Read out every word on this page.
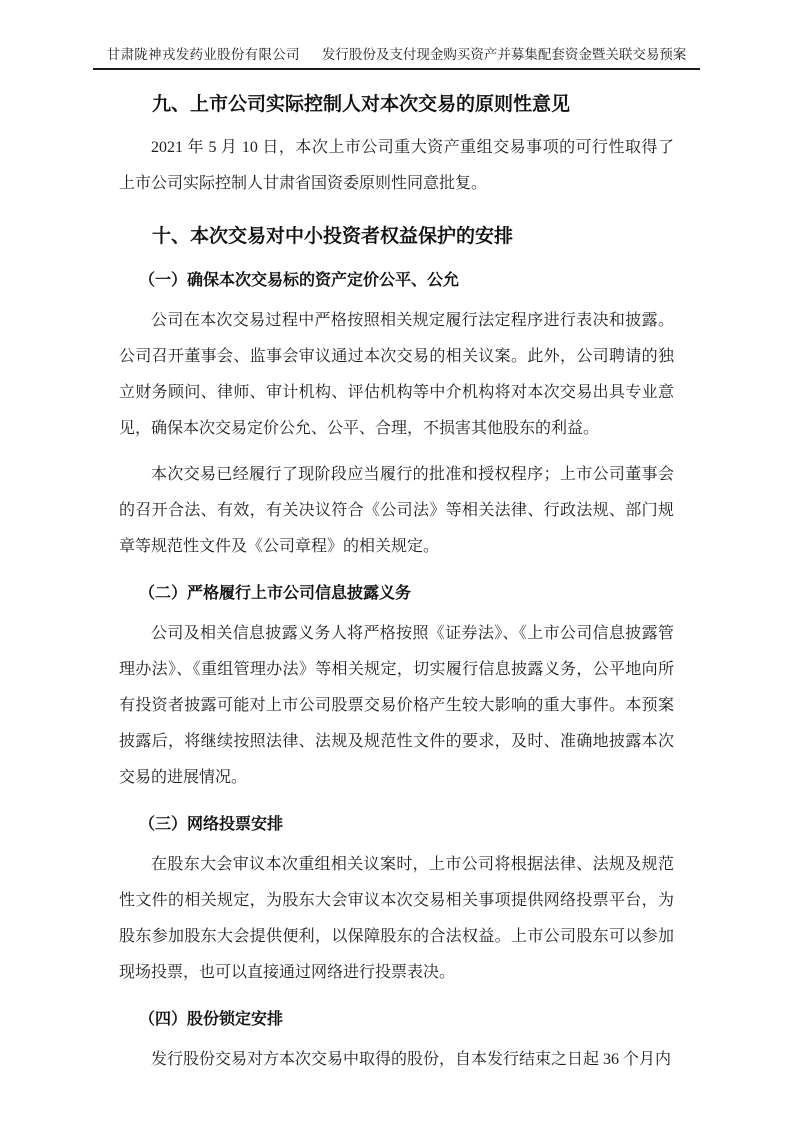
甘肃陇神戎发药业股份有限公司 发行股份及支付现金购买资产并募集配套资金暨关联交易预案
九、上市公司实际控制人对本次交易的原则性意见

2021 年 5 月 10 日，本次上市公司重大资产重组交易事项的可行性取得了上市公司实际控制人甘肃省国资委原则性同意批复。

十、本次交易对中小投资者权益保护的安排
（一）确保本次交易标的资产定价公平、公允

公司在本次交易过程中严格按照相关规定履行法定程序进行表决和披露。公司召开董事会、监事会审议通过本次交易的相关议案。此外，公司聘请的独立财务顾问、律师、审计机构、评估机构等中介机构将对本次交易出具专业意见，确保本次交易定价公允、公平、合理，不损害其他股东的利益。

本次交易已经履行了现阶段应当履行的批准和授权程序；上市公司董事会的召开合法、有效，有关决议符合《公司法》等相关法律、行政法规、部门规章等规范性文件及《公司章程》的相关规定。

（二）严格履行上市公司信息披露义务

公司及相关信息披露义务人将严格按照《证券法》、《上市公司信息披露管理办法》、《重组管理办法》等相关规定，切实履行信息披露义务，公平地向所有投资者披露可能对上市公司股票交易价格产生较大影响的重大事件。本预案披露后，将继续按照法律、法规及规范性文件的要求，及时、准确地披露本次交易的进展情况。

（三）网络投票安排

在股东大会审议本次重组相关议案时，上市公司将根据法律、法规及规范性文件的相关规定，为股东大会审议本次交易相关事项提供网络投票平台，为股东参加股东大会提供便利，以保障股东的合法权益。上市公司股东可以参加现场投票，也可以直接通过网络进行投票表决。

（四）股份锁定安排

发行股份交易对方本次交易中取得的股份，自本发行结束之日起 36 个月内
